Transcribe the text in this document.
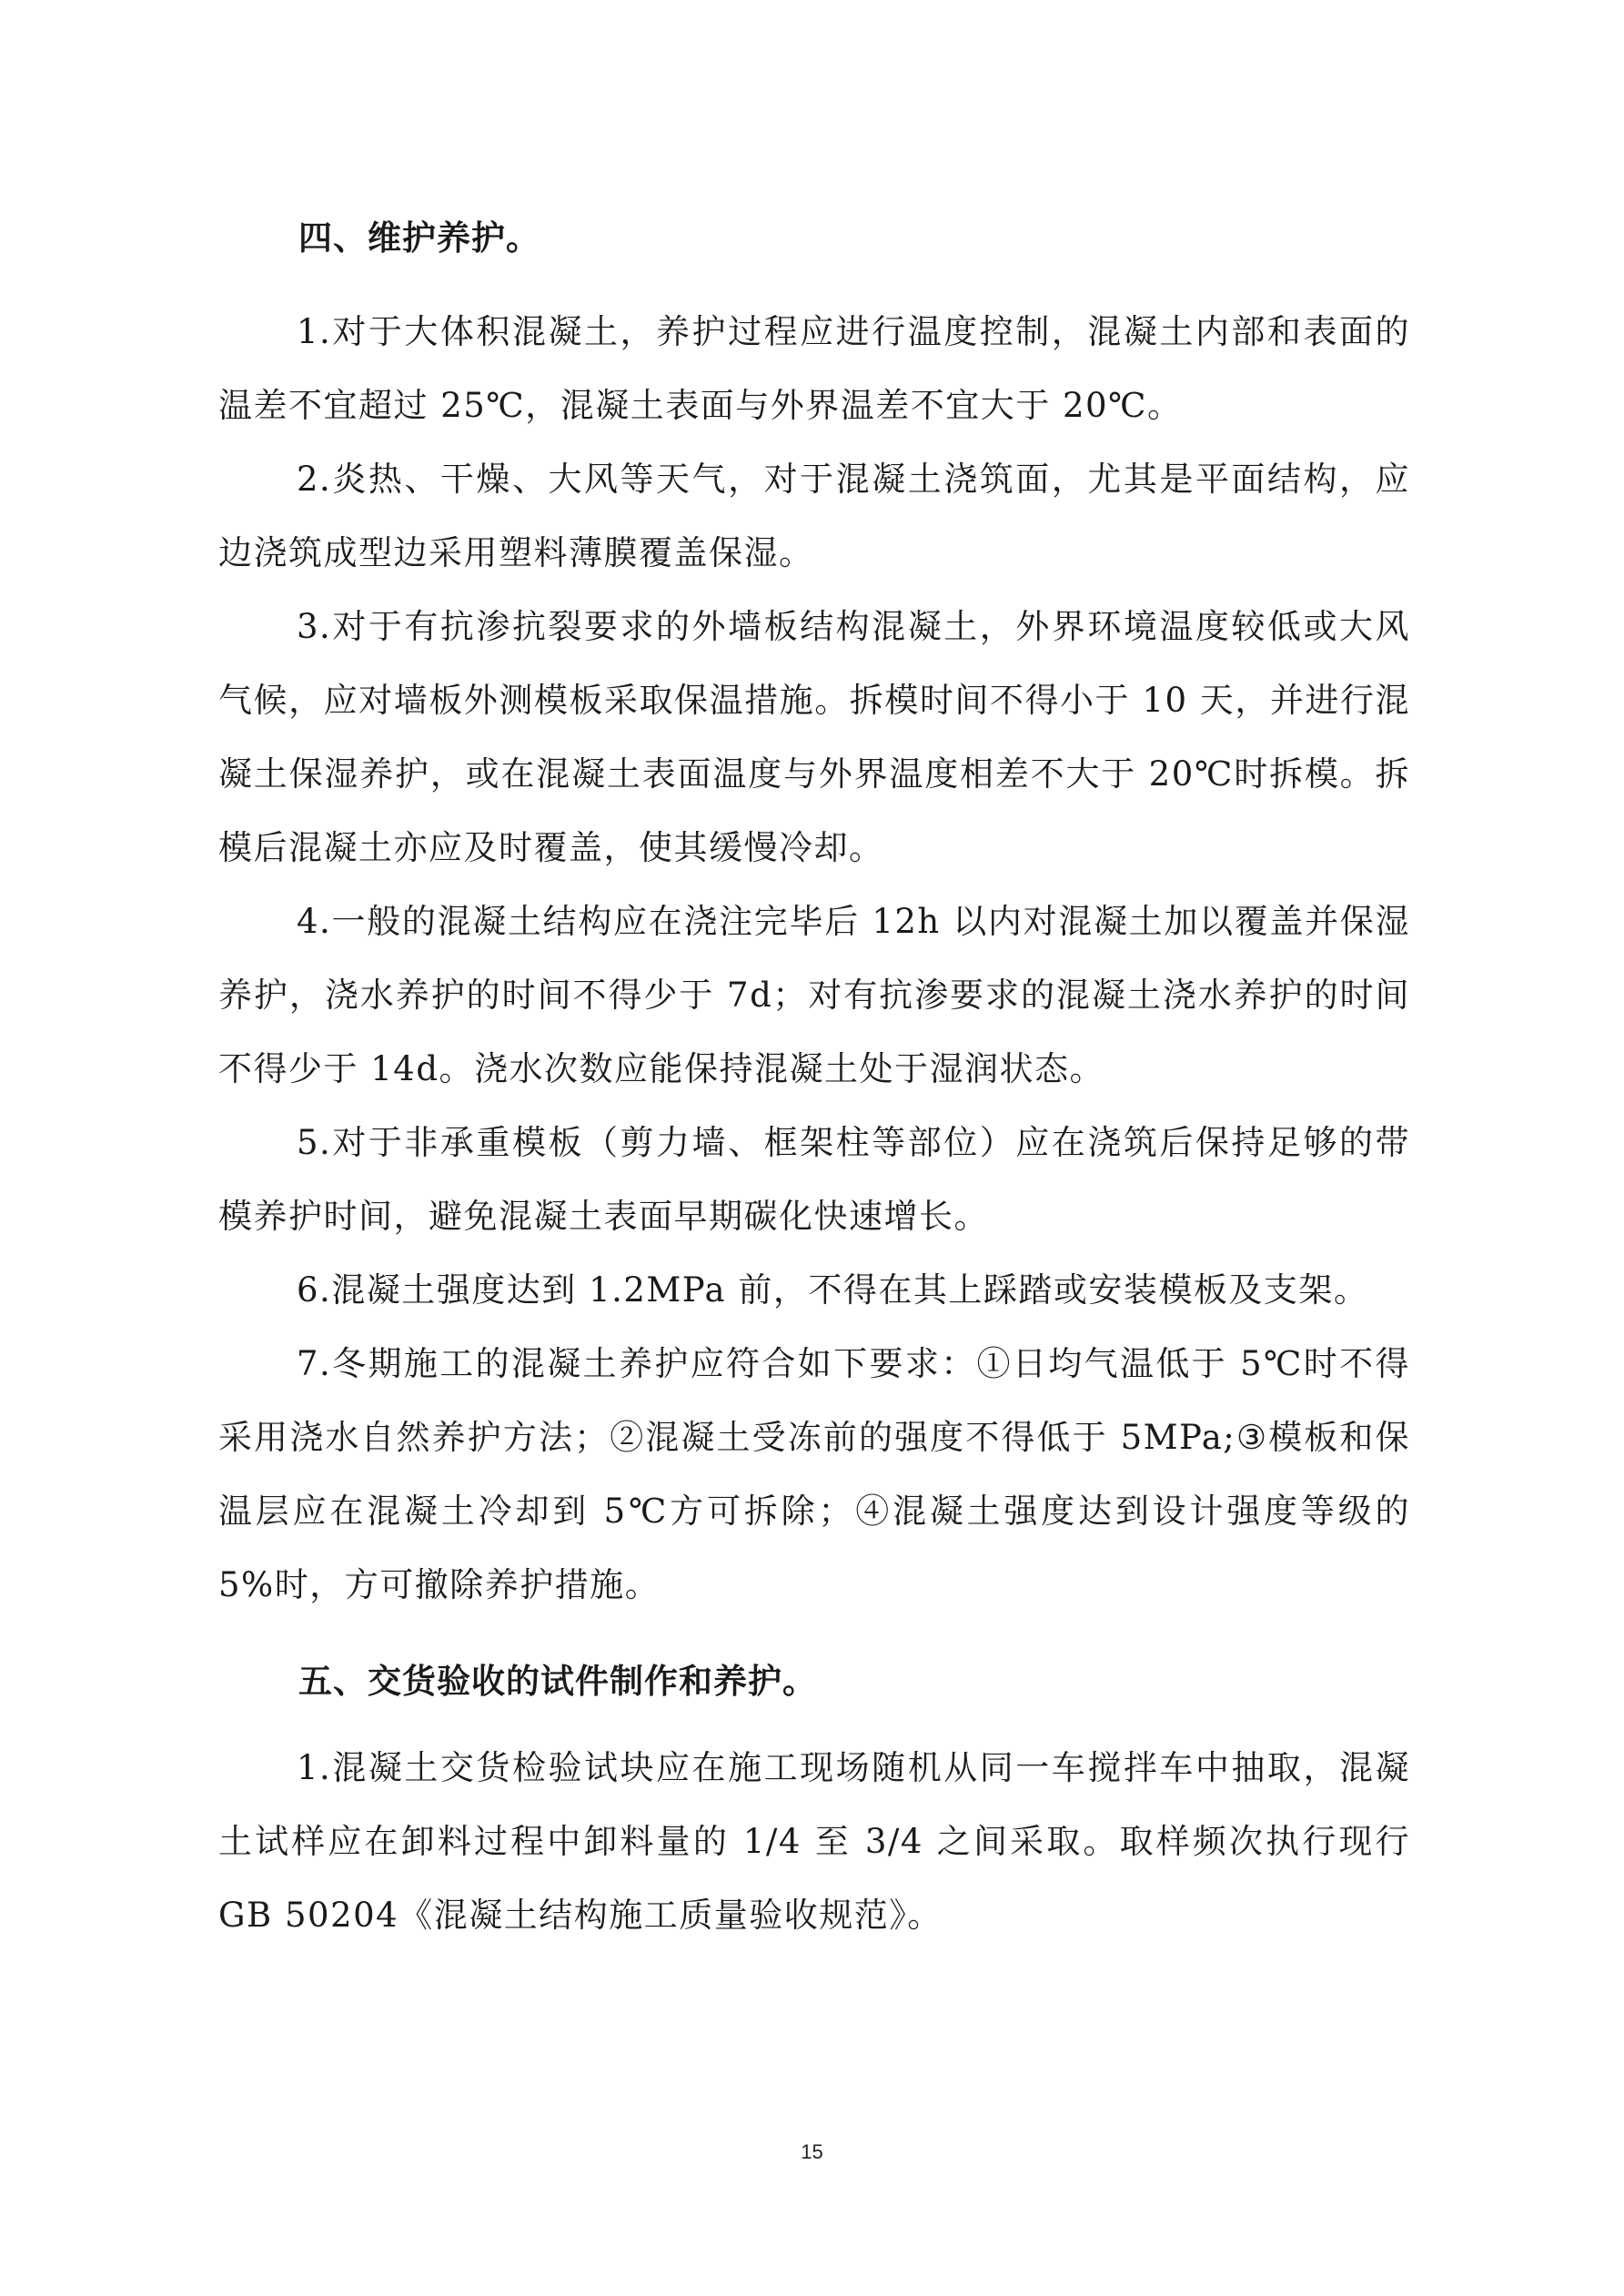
四、维护养护。

1.对于大体积混凝土，养护过程应进行温度控制，混凝土内部和表面的温差不宜超过 25℃，混凝土表面与外界温差不宜大于 20℃。

2.炎热、干燥、大风等天气，对于混凝土浇筑面，尤其是平面结构，应边浇筑成型边采用塑料薄膜覆盖保湿。

3.对于有抗渗抗裂要求的外墙板结构混凝土，外界环境温度较低或大风气候，应对墙板外测模板采取保温措施。拆模时间不得小于 10 天，并进行混凝土保湿养护，或在混凝土表面温度与外界温度相差不大于 20℃时拆模。拆模后混凝土亦应及时覆盖，使其缓慢冷却。

4.一般的混凝土结构应在浇注完毕后 12h 以内对混凝土加以覆盖并保湿养护，浇水养护的时间不得少于 7d；对有抗渗要求的混凝土浇水养护的时间不得少于 14d。浇水次数应能保持混凝土处于湿润状态。

5.对于非承重模板（剪力墙、框架柱等部位）应在浇筑后保持足够的带模养护时间，避免混凝土表面早期碳化快速增长。

6.混凝土强度达到 1.2MPa 前，不得在其上踩踏或安装模板及支架。

7.冬期施工的混凝土养护应符合如下要求：①日均气温低于 5℃时不得采用浇水自然养护方法；②混凝土受冻前的强度不得低于 5MPa;③模板和保温层应在混凝土冷却到 5℃方可拆除；④混凝土强度达到设计强度等级的 5%时，方可撤除养护措施。

五、交货验收的试件制作和养护。

1.混凝土交货检验试块应在施工现场随机从同一车搅拌车中抽取，混凝土试样应在卸料过程中卸料量的 1/4 至 3/4 之间采取。取样频次执行现行 GB 50204《混凝土结构施工质量验收规范》。

15
